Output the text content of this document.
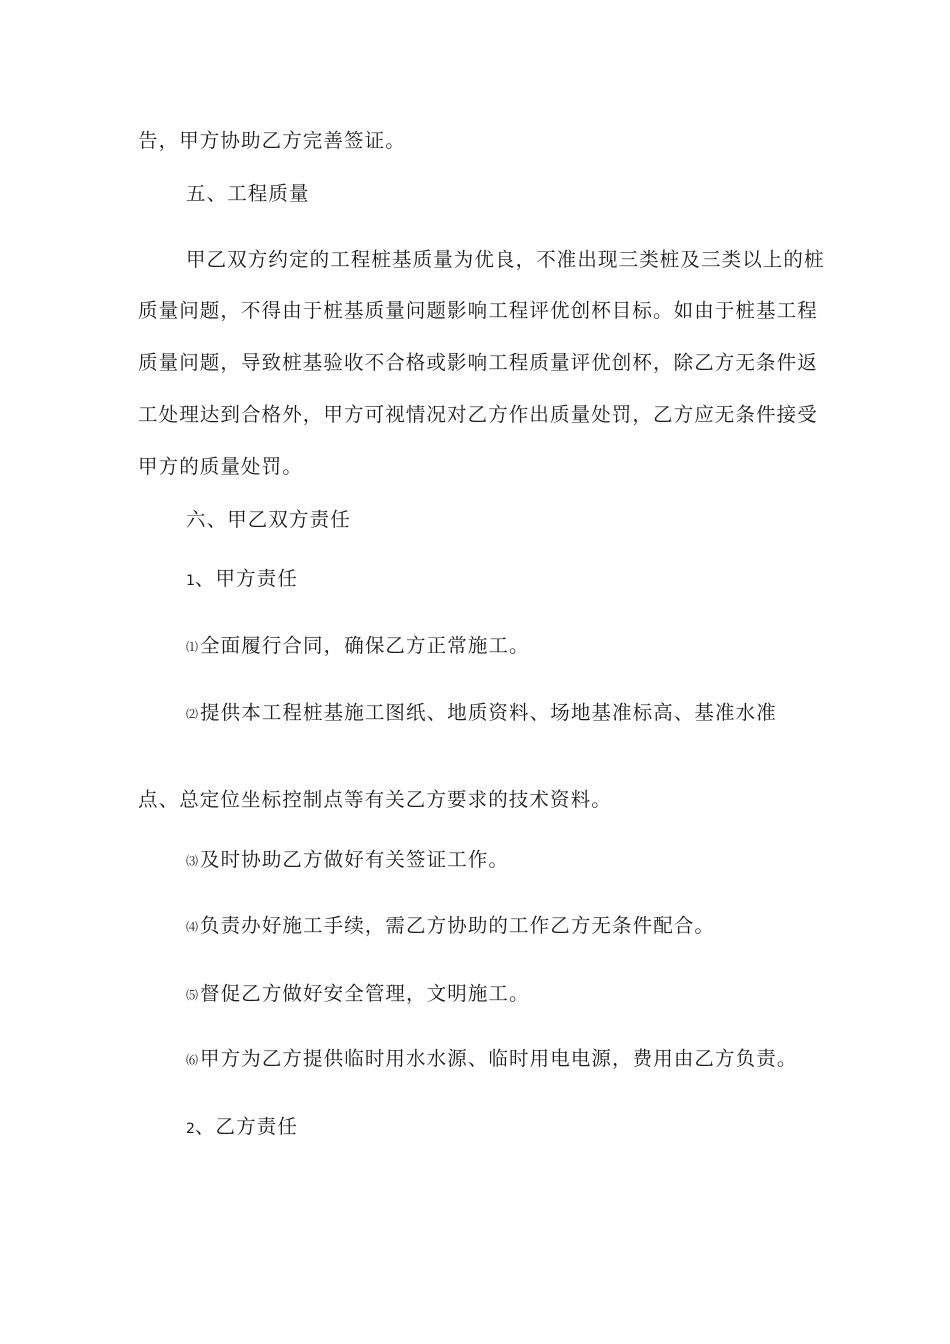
告，甲方协助乙方完善签证。
五、工程质量
甲乙双方约定的工程桩基质量为优良，不准出现三类桩及三类以上的桩
质量问题，不得由于桩基质量问题影响工程评优创杯目标。如由于桩基工程
质量问题，导致桩基验收不合格或影响工程质量评优创杯，除乙方无条件返
工处理达到合格外，甲方可视情况对乙方作出质量处罚，乙方应无条件接受
甲方的质量处罚。
六、甲乙双方责任
1、甲方责任
⑴ 全面履行合同，确保乙方正常施工。
⑵ 提供本工程桩基施工图纸、地质资料、场地基准标高、基准水准
点、总定位坐标控制点等有关乙方要求的技术资料。
⑶ 及时协助乙方做好有关签证工作。
⑷ 负责办好施工手续，需乙方协助的工作乙方无条件配合。
⑸ 督促乙方做好安全管理，文明施工。
⑹ 甲方为乙方提供临时用水水源、临时用电电源，费用由乙方负责。
2、乙方责任
